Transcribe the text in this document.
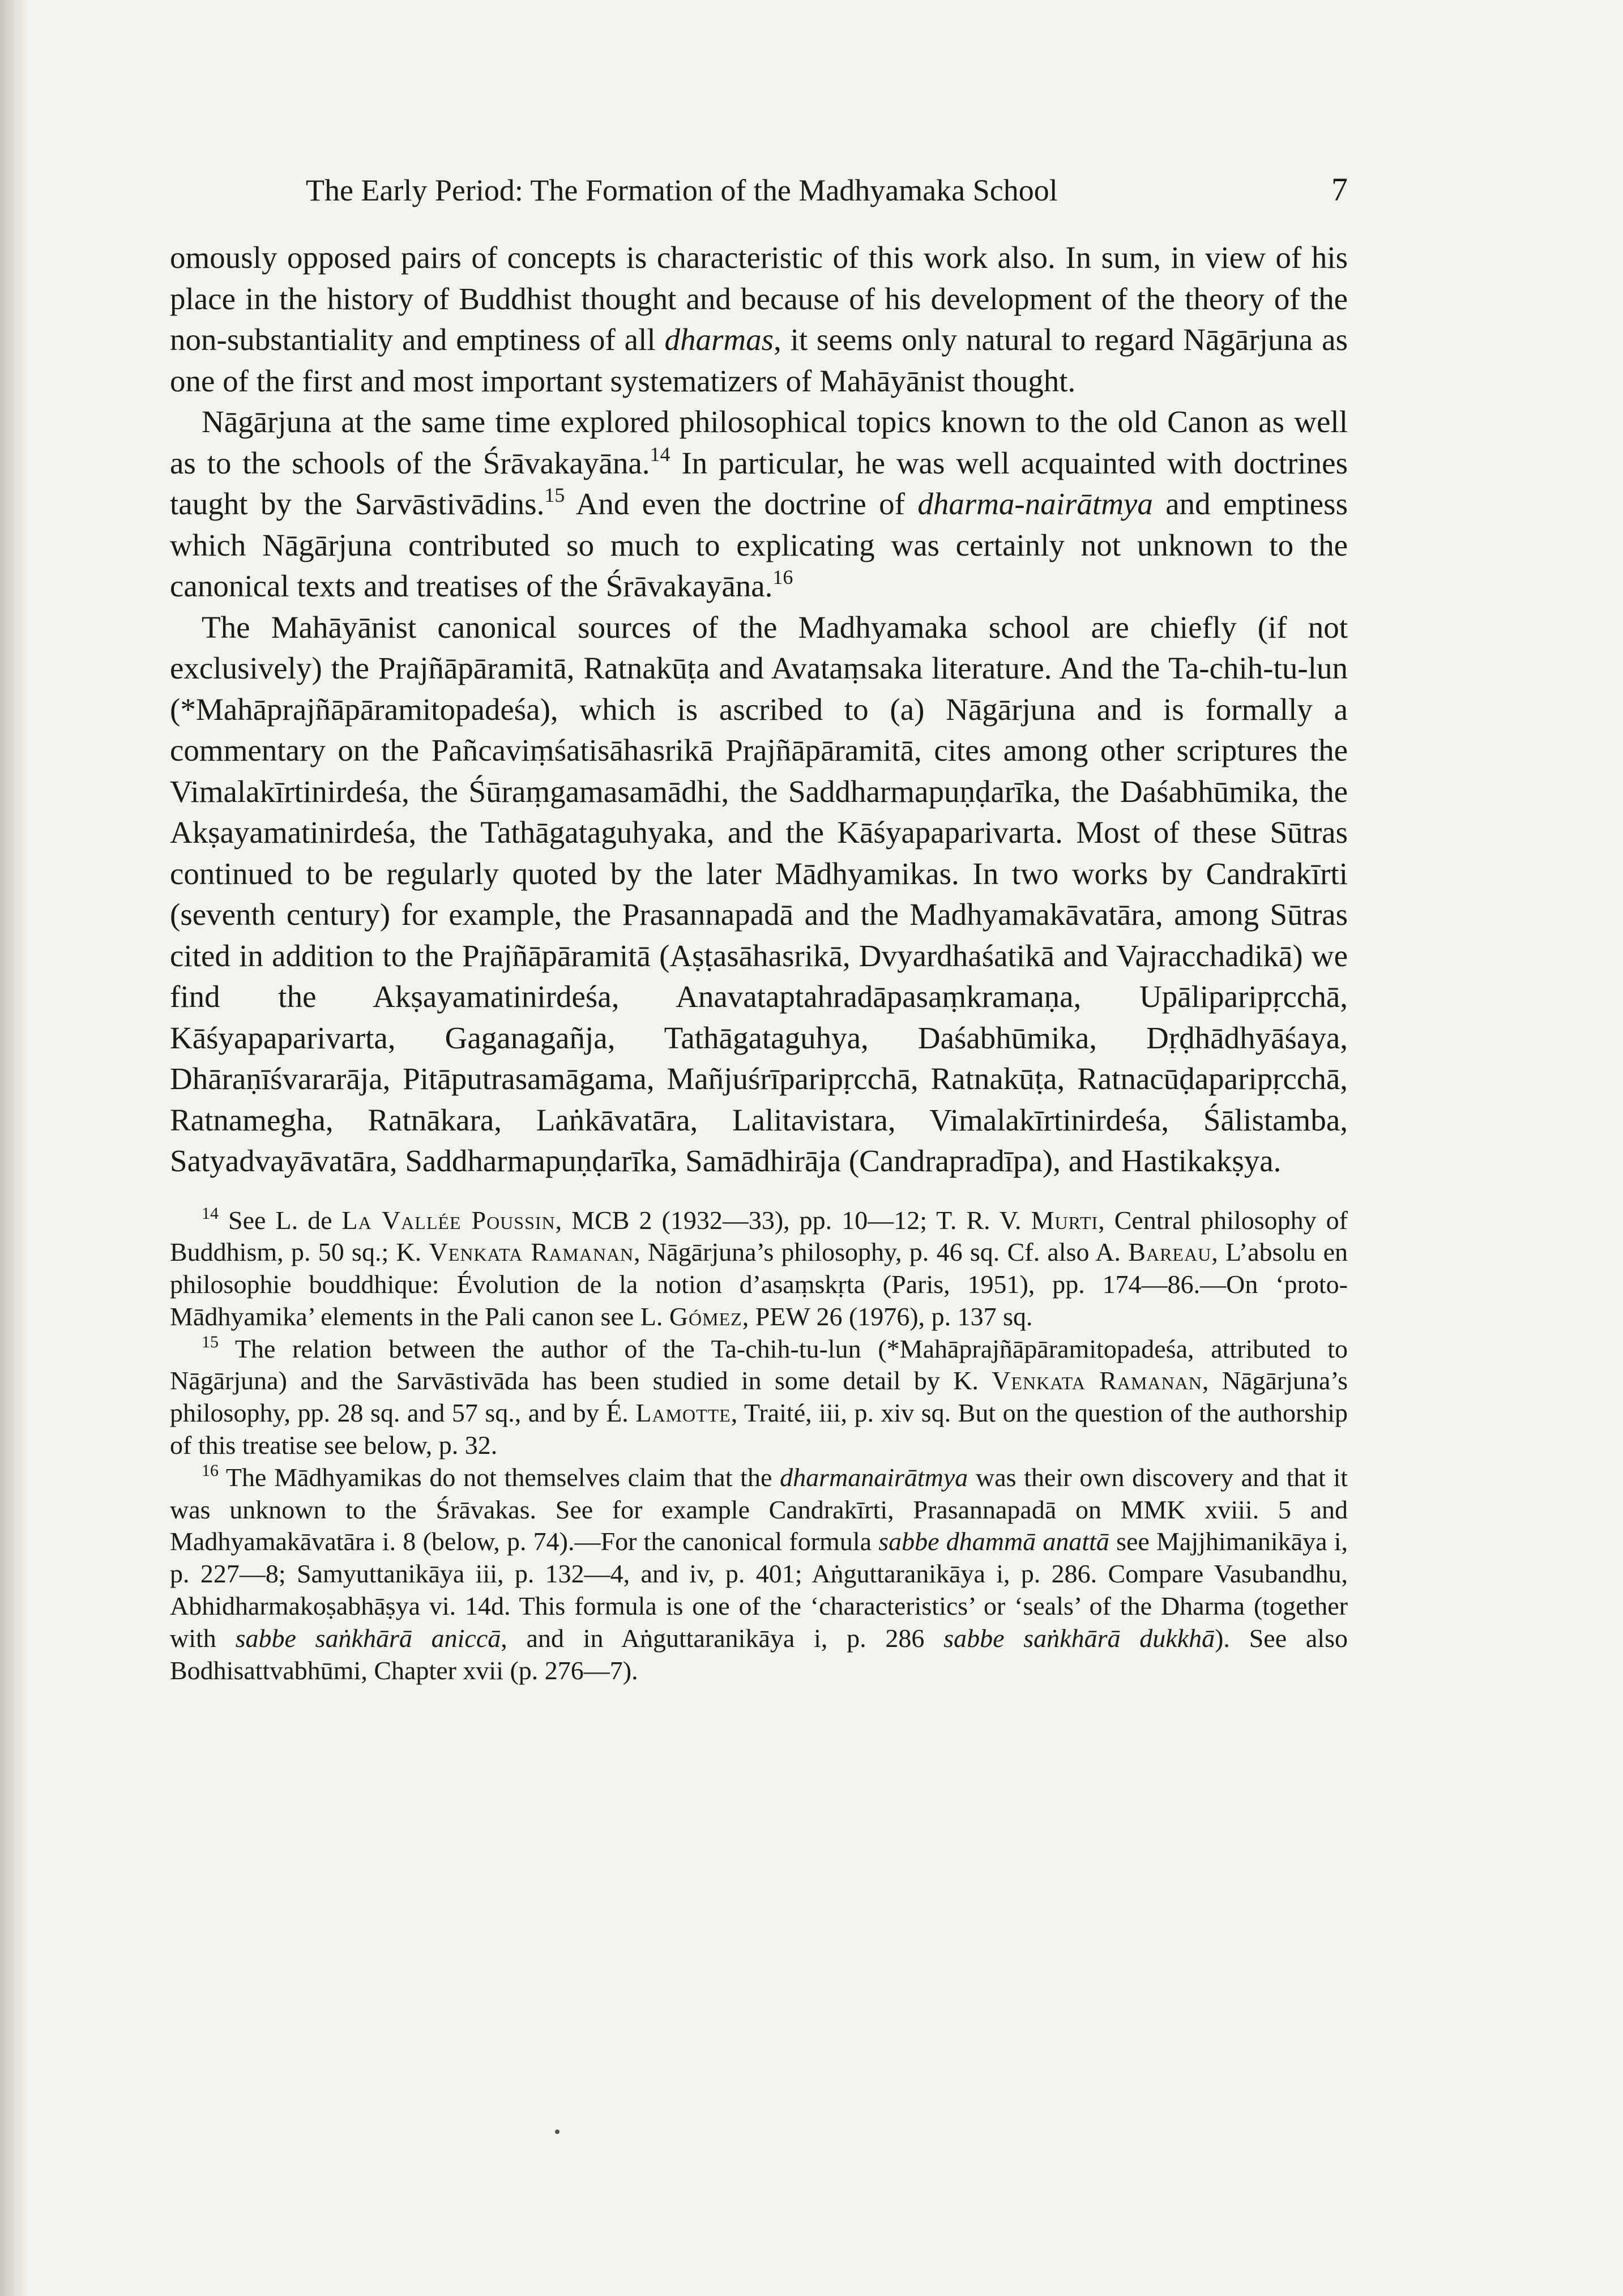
The Early Period: The Formation of the Madhyamaka School	7

omously opposed pairs of concepts is characteristic of this work also. In sum, in view of his place in the history of Buddhist thought and because of his development of the theory of the non-substantiality and emptiness of all dharmas, it seems only natural to regard Nāgārjuna as one of the first and most important systematizers of Mahāyānist thought.

Nāgārjuna at the same time explored philosophical topics known to the old Canon as well as to the schools of the Śrāvakayāna.$^{14}$ In particular, he was well acquainted with doctrines taught by the Sarvāstivādins.$^{15}$ And even the doctrine of dharma-nairātmya and emptiness which Nāgārjuna contributed so much to explicating was certainly not unknown to the canonical texts and treatises of the Śrāvakayāna.$^{16}$

The Mahāyānist canonical sources of the Madhyamaka school are chiefly (if not exclusively) the Prajñāpāramitā, Ratnakūṭa and Avataṃsaka literature. And the Ta-chih-tu-lun (*Mahāprajñāpāramitopadeśa), which is ascribed to (a) Nāgārjuna and is formally a commentary on the Pañcaviṃśatisāhasrikā Prajñāpāramitā, cites among other scriptures the Vimalakīrtinirdeśa, the Śūraṃgamasamādhi, the Saddharmapuṇḍarīka, the Daśabhūmika, the Akṣayamatinirdeśa, the Tathāgataguhyaka, and the Kāśyapaparivarta. Most of these Sūtras continued to be regularly quoted by the later Mādhyamikas. In two works by Candrakīrti (seventh century) for example, the Prasannapadā and the Madhyamakāvatāra, among Sūtras cited in addition to the Prajñāpāramitā (Aṣṭasāhasrikā, Dvyardhaśatikā and Vajracchadikā) we find the Akṣayamatinirdeśa, Anavataptahradāpasaṃkramaṇa, Upāliparipṛcchā, Kāśyapaparivarta, Gaganagañja, Tathāgataguhya, Daśabhūmika, Dṛḍhādhyāśaya, Dhāraṇīśvararāja, Pitāputrasamāgama, Mañjuśrīparipṛcchā, Ratnakūṭa, Ratnacūḍaparipṛcchā, Ratnamegha, Ratnākara, Laṅkāvatāra, Lalitavistara, Vimalakīrtinirdeśa, Śālistamba, Satyadvayāvatāra, Saddharmapuṇḍarīka, Samādhirāja (Candrapradīpa), and Hastikakṣya.

$^{14}$ See L. de La Vallée Poussin, MCB 2 (1932—33), pp. 10—12; T. R. V. Murti, Central philosophy of Buddhism, p. 50 sq.; K. Venkata Ramanan, Nāgārjuna’s philosophy, p. 46 sq. Cf. also A. Bareau, L’absolu en philosophie bouddhique: Évolution de la notion d’asaṃskṛta (Paris, 1951), pp. 174—86.—On ‘proto-Mādhyamika’ elements in the Pali canon see L. Gómez, PEW 26 (1976), p. 137 sq.

$^{15}$ The relation between the author of the Ta-chih-tu-lun (*Mahāprajñāpāramitopadeśa, attributed to Nāgārjuna) and the Sarvāstivāda has been studied in some detail by K. Venkata Ramanan, Nāgārjuna’s philosophy, pp. 28 sq. and 57 sq., and by É. Lamotte, Traité, iii, p. xiv sq. But on the question of the authorship of this treatise see below, p. 32.

$^{16}$ The Mādhyamikas do not themselves claim that the dharmanairātmya was their own discovery and that it was unknown to the Śrāvakas. See for example Candrakīrti, Prasannapadā on MMK xviii. 5 and Madhyamakāvatāra i. 8 (below, p. 74).—For the canonical formula sabbe dhammā anattā see Majjhimanikāya i, p. 227—8; Samyuttanikāya iii, p. 132—4, and iv, p. 401; Aṅguttaranikāya i, p. 286. Compare Vasubandhu, Abhidharmakoṣabhāṣya vi. 14d. This formula is one of the ‘characteristics’ or ‘seals’ of the Dharma (together with sabbe saṅkhārā aniccā, and in Aṅguttaranikāya i, p. 286 sabbe saṅkhārā dukkhā). See also Bodhisattvabhūmi, Chapter xvii (p. 276—7).
